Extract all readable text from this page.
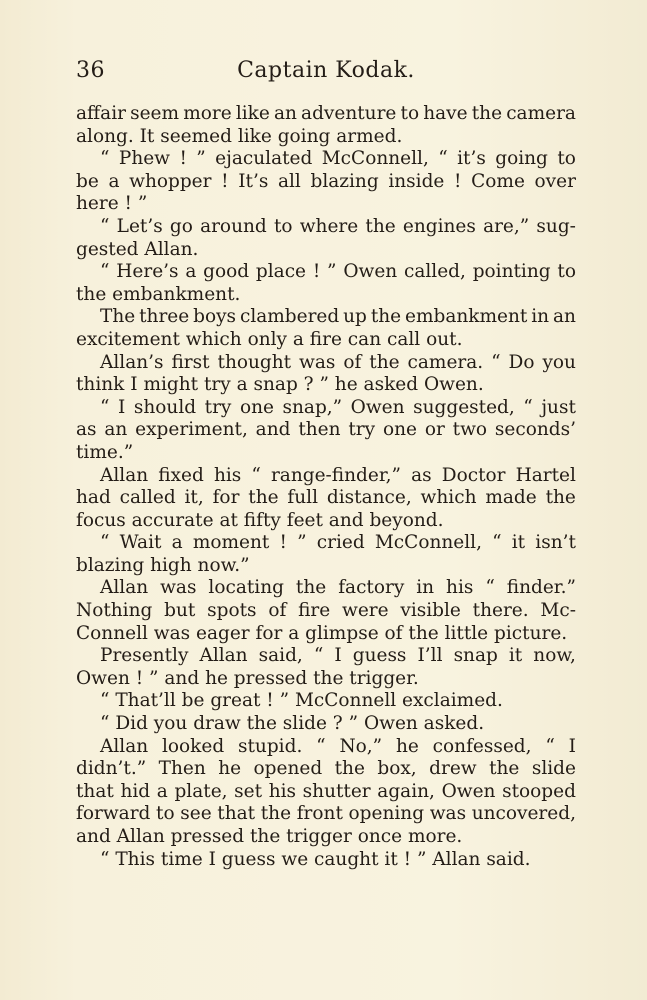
36	Captain Kodak.
affair seem more like an adventure to have the camera
along. It seemed like going armed.
“ Phew ! ” ejaculated McConnell, “ it’s going to
be a whopper ! It’s all blazing inside ! Come over
here ! ”
“ Let’s go around to where the engines are,” sug-
gested Allan.
“ Here’s a good place ! ” Owen called, pointing to
the embankment.
The three boys clambered up the embankment in an
excitement which only a fire can call out.
Allan’s first thought was of the camera. “ Do you
think I might try a snap ? ” he asked Owen.
“ I should try one snap,” Owen suggested, “ just
as an experiment, and then try one or two seconds’
time.”
Allan fixed his “ range-finder,” as Doctor Hartel
had called it, for the full distance, which made the
focus accurate at fifty feet and beyond.
“ Wait a moment ! ” cried McConnell, “ it isn’t
blazing high now.”
Allan was locating the factory in his “ finder.”
Nothing but spots of fire were visible there. Mc-
Connell was eager for a glimpse of the little picture.
Presently Allan said, “ I guess I’ll snap it now,
Owen ! ” and he pressed the trigger.
“ That’ll be great ! ” McConnell exclaimed.
“ Did you draw the slide ? ” Owen asked.
Allan looked stupid. “ No,” he confessed, “ I
didn’t.” Then he opened the box, drew the slide
that hid a plate, set his shutter again, Owen stooped
forward to see that the front opening was uncovered,
and Allan pressed the trigger once more.
“ This time I guess we caught it ! ” Allan said.
